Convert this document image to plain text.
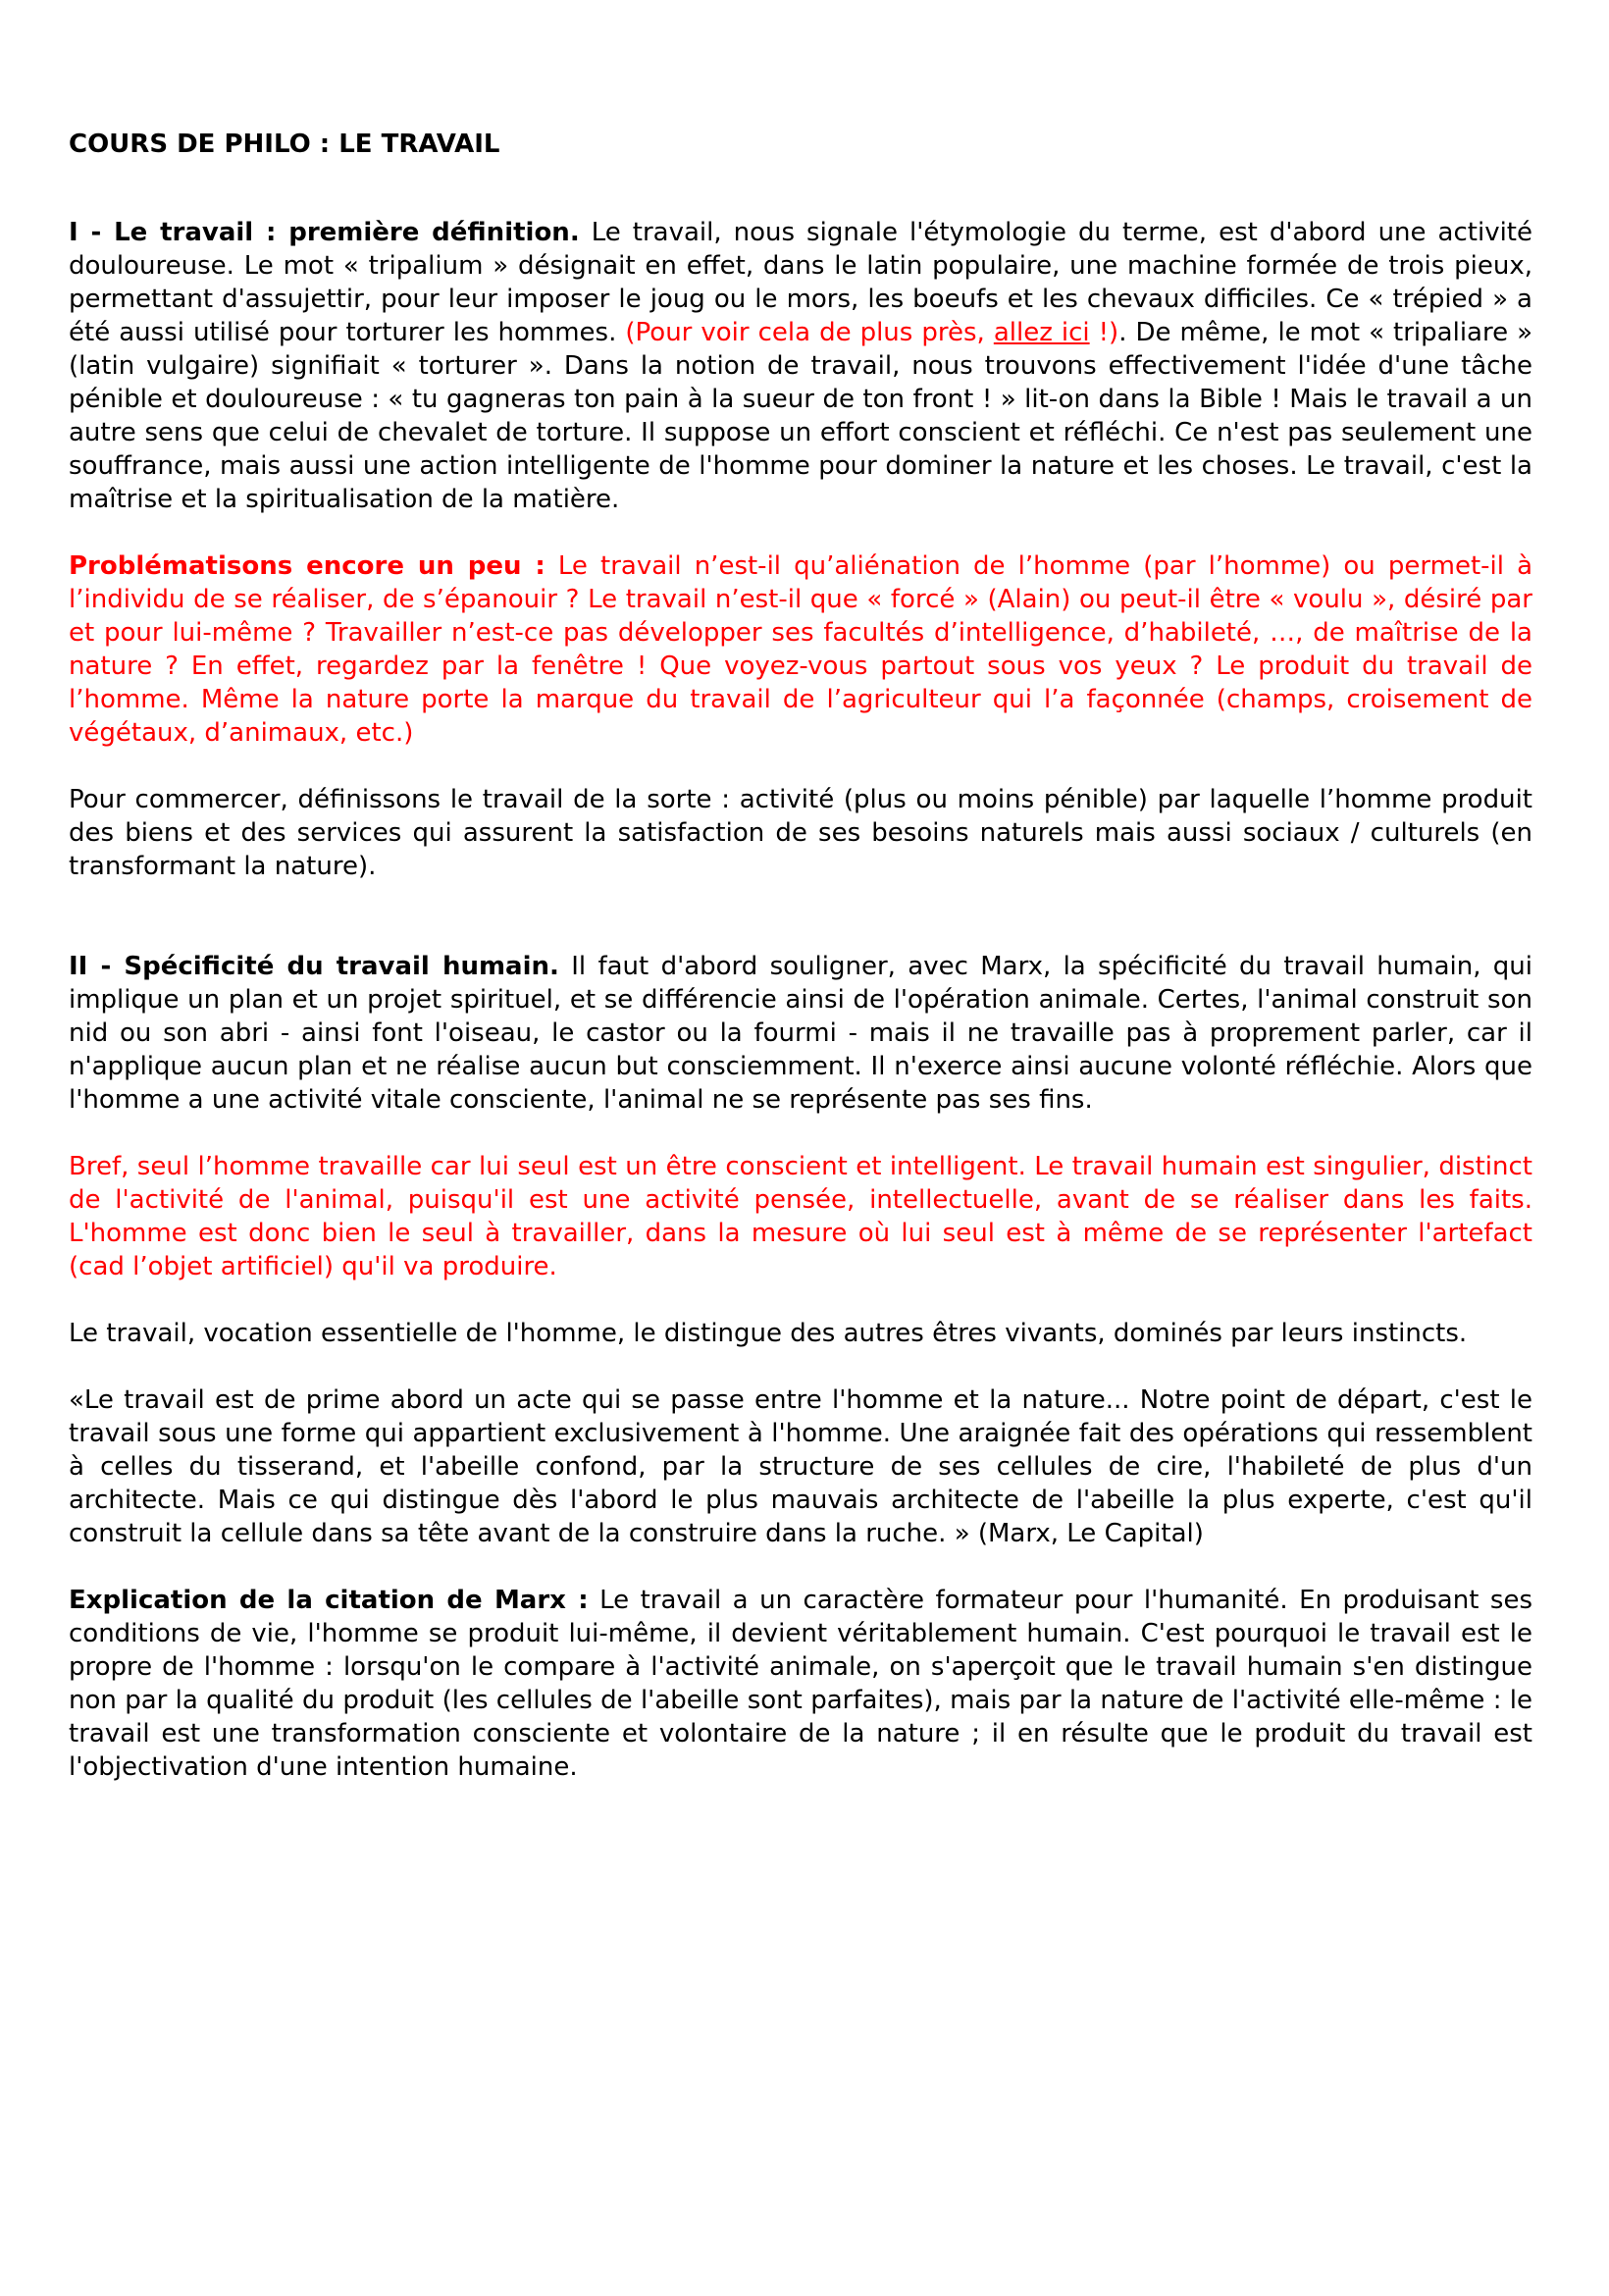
COURS DE PHILO : LE TRAVAIL

I - Le travail : première définition. Le travail, nous signale l'étymologie du terme, est d'abord une activité douloureuse. Le mot « tripalium » désignait en effet, dans le latin populaire, une machine formée de trois pieux, permettant d'assujettir, pour leur imposer le joug ou le mors, les boeufs et les chevaux difficiles. Ce « trépied » a été aussi utilisé pour torturer les hommes. (Pour voir cela de plus près, allez ici !). De même, le mot « tripaliare » (latin vulgaire) signifiait « torturer ». Dans la notion de travail, nous trouvons effectivement l'idée d'une tâche pénible et douloureuse : « tu gagneras ton pain à la sueur de ton front ! » lit-on dans la Bible ! Mais le travail a un autre sens que celui de chevalet de torture. Il suppose un effort conscient et réfléchi. Ce n'est pas seulement une souffrance, mais aussi une action intelligente de l'homme pour dominer la nature et les choses. Le travail, c'est la maîtrise et la spiritualisation de la matière.

Problématisons encore un peu : Le travail n’est-il qu’aliénation de l’homme (par l’homme) ou permet-il à l’individu de se réaliser, de s’épanouir ? Le travail n’est-il que « forcé » (Alain) ou peut-il être « voulu », désiré par et pour lui-même ? Travailler n’est-ce pas développer ses facultés d’intelligence, d’habileté, …, de maîtrise de la nature ? En effet, regardez par la fenêtre ! Que voyez-vous partout sous vos yeux ? Le produit du travail de l’homme. Même la nature porte la marque du travail de l’agriculteur qui l’a façonnée (champs, croisement de végétaux, d’animaux, etc.)

Pour commercer, définissons le travail de la sorte : activité (plus ou moins pénible) par laquelle l’homme produit des biens et des services qui assurent la satisfaction de ses besoins naturels mais aussi sociaux / culturels (en transformant la nature).

II - Spécificité du travail humain. Il faut d'abord souligner, avec Marx, la spécificité du travail humain, qui implique un plan et un projet spirituel, et se différencie ainsi de l'opération animale. Certes, l'animal construit son nid ou son abri - ainsi font l'oiseau, le castor ou la fourmi - mais il ne travaille pas à proprement parler, car il n'applique aucun plan et ne réalise aucun but consciemment. Il n'exerce ainsi aucune volonté réfléchie. Alors que l'homme a une activité vitale consciente, l'animal ne se représente pas ses fins.

Bref, seul l’homme travaille car lui seul est un être conscient et intelligent. Le travail humain est singulier, distinct de l'activité de l'animal, puisqu'il est une activité pensée, intellectuelle, avant de se réaliser dans les faits. L'homme est donc bien le seul à travailler, dans la mesure où lui seul est à même de se représenter l'artefact (cad l’objet artificiel) qu'il va produire.

Le travail, vocation essentielle de l'homme, le distingue des autres êtres vivants, dominés par leurs instincts.

«Le travail est de prime abord un acte qui se passe entre l'homme et la nature... Notre point de départ, c'est le travail sous une forme qui appartient exclusivement à l'homme. Une araignée fait des opérations qui ressemblent à celles du tisserand, et l'abeille confond, par la structure de ses cellules de cire, l'habileté de plus d'un architecte. Mais ce qui distingue dès l'abord le plus mauvais architecte de l'abeille la plus experte, c'est qu'il construit la cellule dans sa tête avant de la construire dans la ruche. » (Marx, Le Capital)

Explication de la citation de Marx : Le travail a un caractère formateur pour l'humanité. En produisant ses conditions de vie, l'homme se produit lui-même, il devient véritablement humain. C'est pourquoi le travail est le propre de l'homme : lorsqu'on le compare à l'activité animale, on s'aperçoit que le travail humain s'en distingue non par la qualité du produit (les cellules de l'abeille sont parfaites), mais par la nature de l'activité elle-même : le travail est une transformation consciente et volontaire de la nature ; il en résulte que le produit du travail est l'objectivation d'une intention humaine.
